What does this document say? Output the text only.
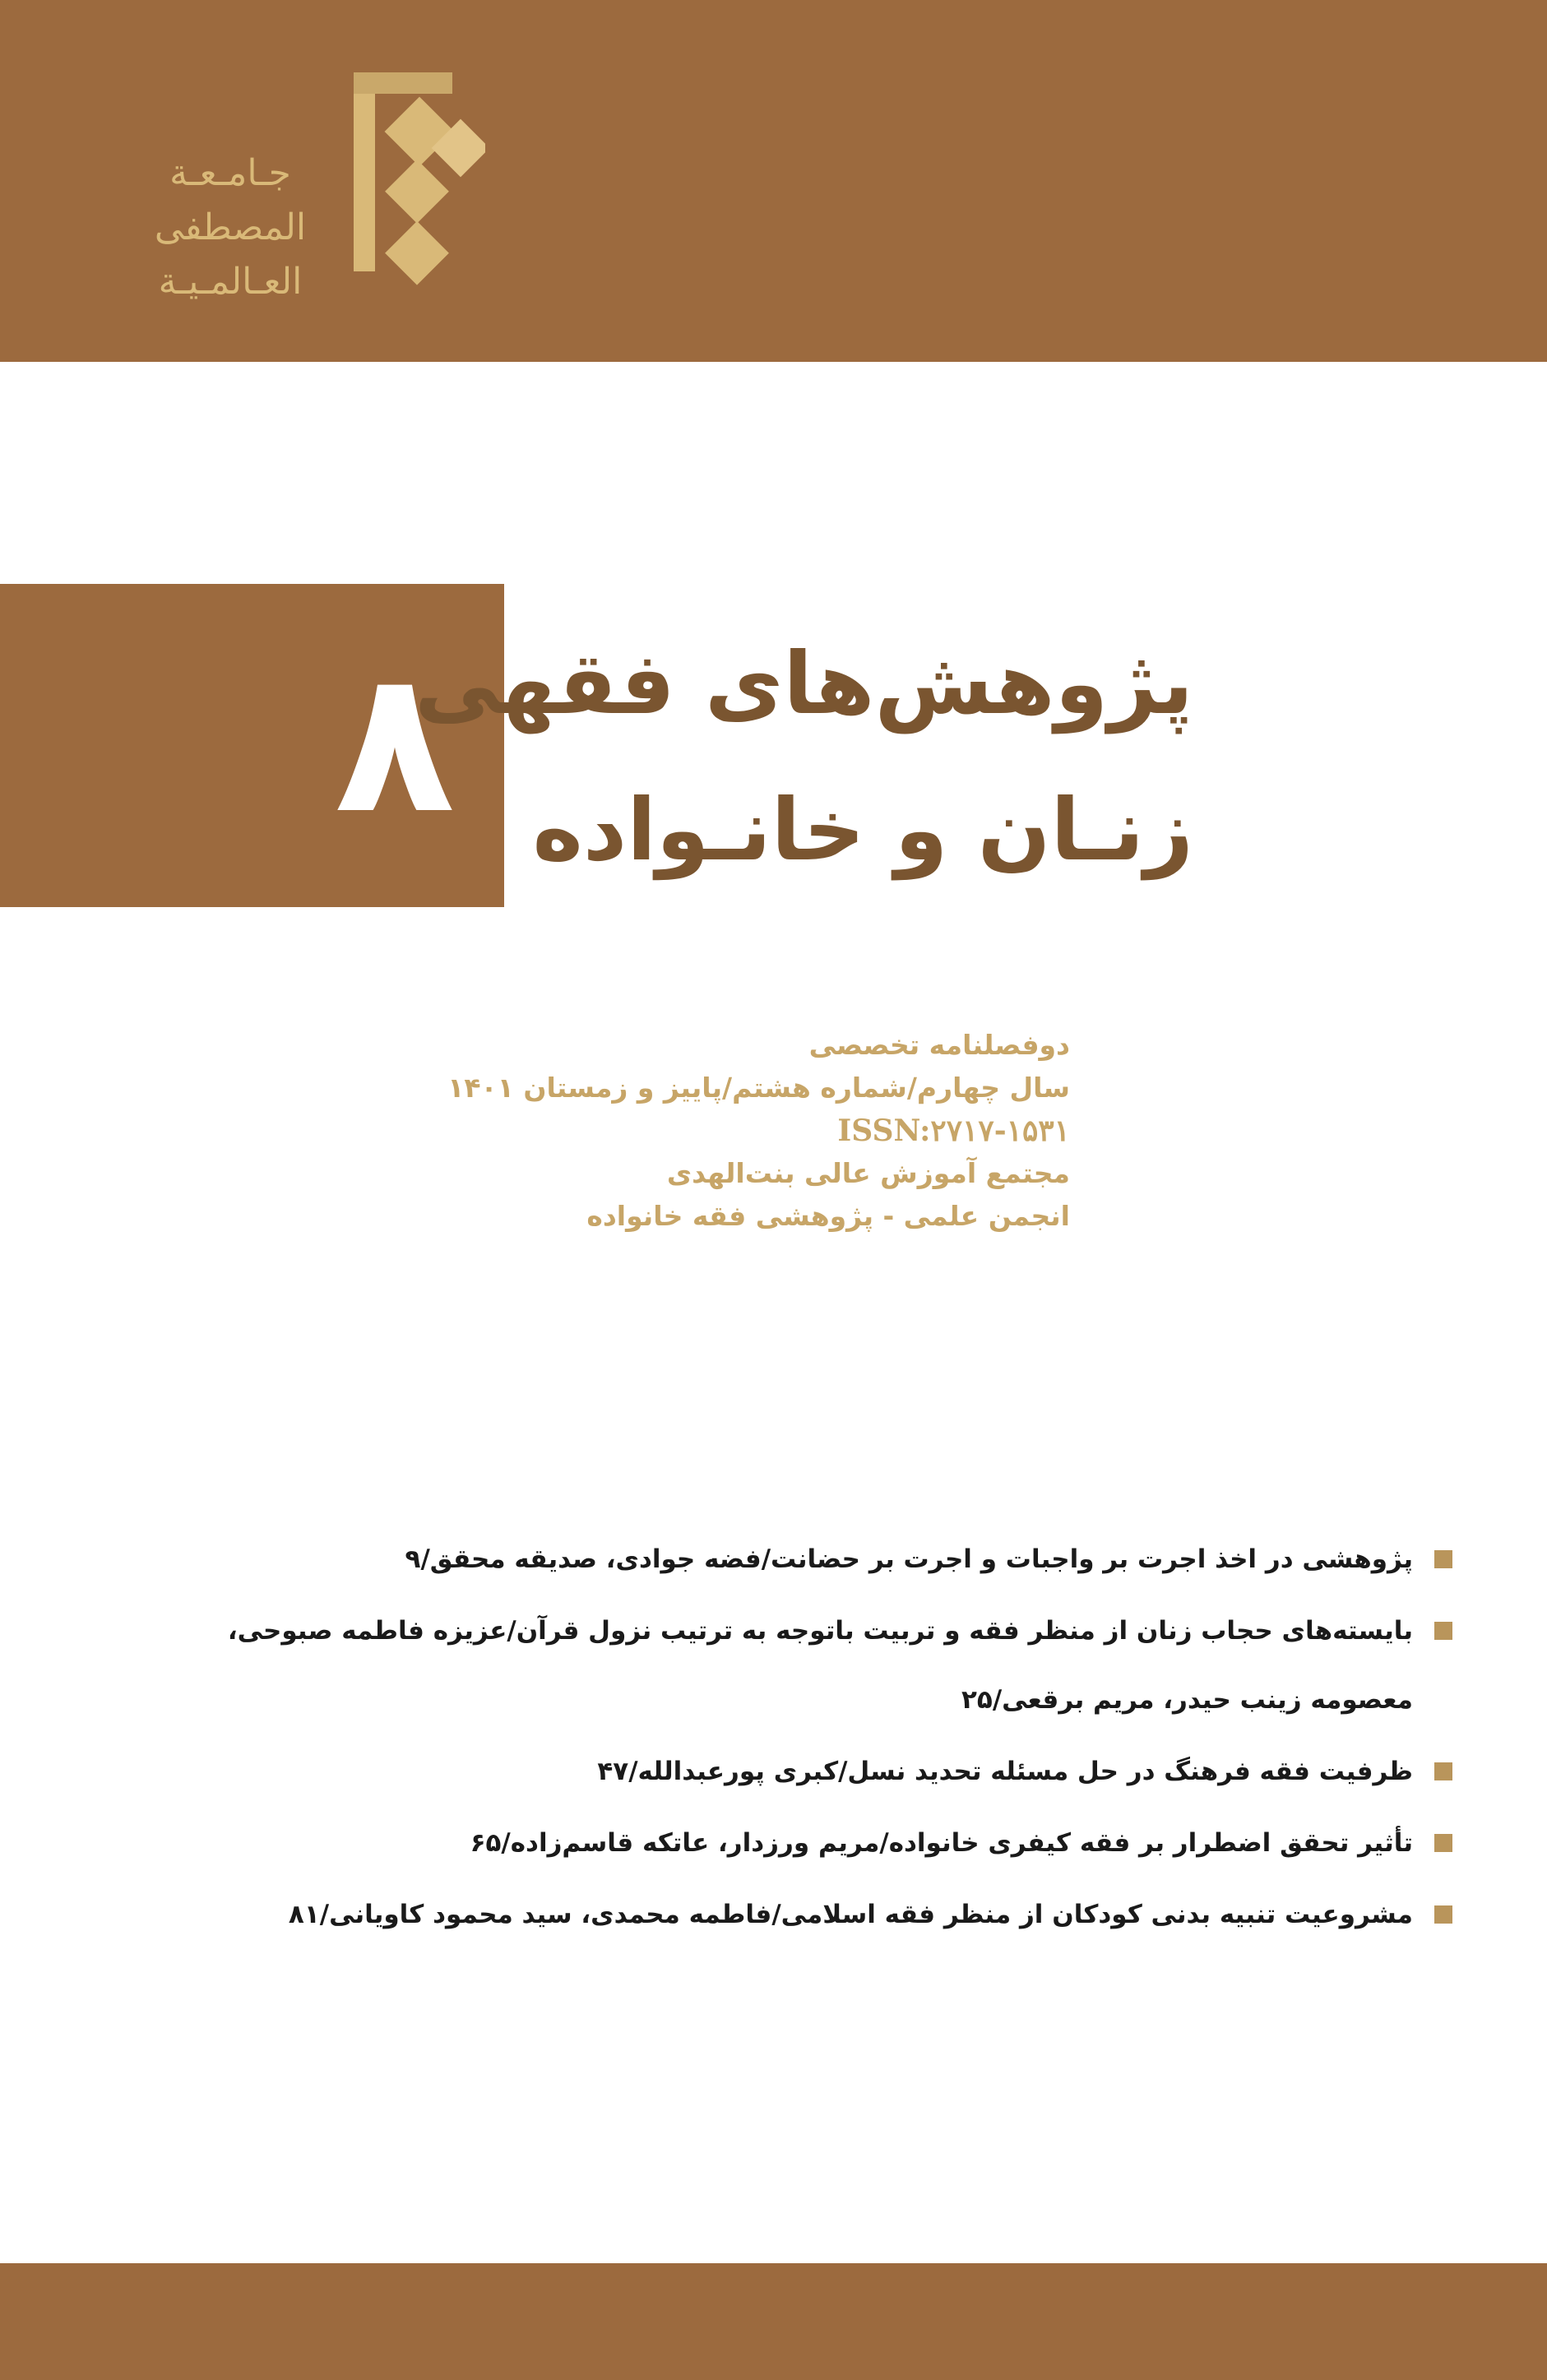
جـامـعـة
المصطفی
العـالمـيـة
۸
پژوهش‌های فقهی
زنـان و خانـواده
دوفصلنامه تخصصی
سال چهارم/شماره هشتم/پاییز و زمستان ۱۴۰۱
ISSN:۲۷۱۷-۱۵۳۱
مجتمع آموزش عالی بنت‌الهدی
انجمن علمی - پژوهشی فقه خانواده
پژوهشی در اخذ اجرت بر واجبات و اجرت بر حضانت/فضه جوادی، صدیقه محقق/۹
بایسته‌های حجاب زنان از منظر فقه و تربیت باتوجه به ترتیب نزول قرآن/عزیزه فاطمه صبوحی،
معصومه زینب حیدر، مریم برقعی/۲۵
ظرفیت فقه فرهنگ در حل مسئله تحدید نسل/کبری پورعبدالله/۴۷
تأثیر تحقق اضطرار بر فقه کیفری خانواده/مریم ورزدار، عاتکه قاسم‌زاده/۶۵
مشروعیت تنبیه بدنی کودکان از منظر فقه اسلامی/فاطمه محمدی، سید محمود کاویانی/۸۱
